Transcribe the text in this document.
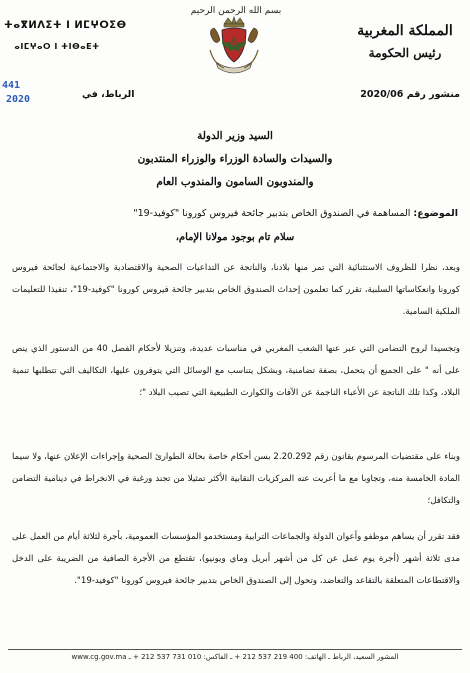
بسم الله الرحمن الرحيم
المملكة المغربية
رئيس الحكومة
ⵜⴰⴳⵍⴷⵉⵜ ⵏ ⵍⵎⵖⵔⵉⴱ
ⴰⵏⵎⵖⴰⵔ ⵏ ⵜⵏⴱⴰⴹⵜ
منشور رقم 2020/06
الرباط، في
441
2020
السيد وزير الدولة
والسيدات والسادة الوزراء والوزراء المنتدبون
والمندوبون السامون والمندوب العام
الموضوع: المساهمة في الصندوق الخاص بتدبير جائحة فيروس كورونا "كوفيد-19"
سلام تام بوجود مولانا الإمام،
وبعد، نظرا للظروف الاستثنائية التي تمر منها بلادنا، والناتجة عن التداعيات الصحية والاقتصادية والاجتماعية لجائحة فيروس كورونا وانعكاساتها السلبية، تقرر كما تعلمون إحداث الصندوق الخاص بتدبير جائحة فيروس كورونا "كوفيد-19"، تنفيذا للتعليمات الملكية السامية.
وتجسيدا لروح التضامن التي عبر عنها الشعب المغربي في مناسبات عديدة، وتنزيلا لأحكام الفصل 40 من الدستور الذي ينص على أنه " على الجميع أن يتحمل، بصفة تضامنية، وبشكل يتناسب مع الوسائل التي يتوفرون عليها، التكاليف التي تتطلبها تنمية البلاد، وكذا تلك الناتجة عن الأعباء الناجمة عن الآفات والكوارث الطبيعية التي تصيب البلاد "؛
وبناء على مقتضيات المرسوم بقانون رقم 2.20.292 بسن أحكام خاصة بحالة الطوارئ الصحية وإجراءات الإعلان عنها، ولا سيما المادة الخامسة منه، وتجاوبا مع ما أعربت عنه المركزيات النقابية الأكثر تمثيلا من تجند ورغبة في الانخراط في دينامية التضامن والتكافل؛
فقد تقرر أن يساهم موظفو وأعوان الدولة والجماعات الترابية ومستخدمو المؤسسات العمومية، بأجرة لثلاثة أيام من العمل على مدى ثلاثة أشهر (أجرة يوم عمل عن كل من أشهر أبريل وماي ويونيو)، تقتطع من الأجرة الصافية من الضريبة على الدخل والاقتطاعات المتعلقة بالتقاعد والتعاضد، وتحول إلى الصندوق الخاص بتدبير جائحة فيروس كورونا "كوفيد-19".
المشور السعيد، الرباط ـ الهاتف: 400 219 537 212 + ـ الفاكس: 010 731 537 212 + ـ www.cg.gov.ma
